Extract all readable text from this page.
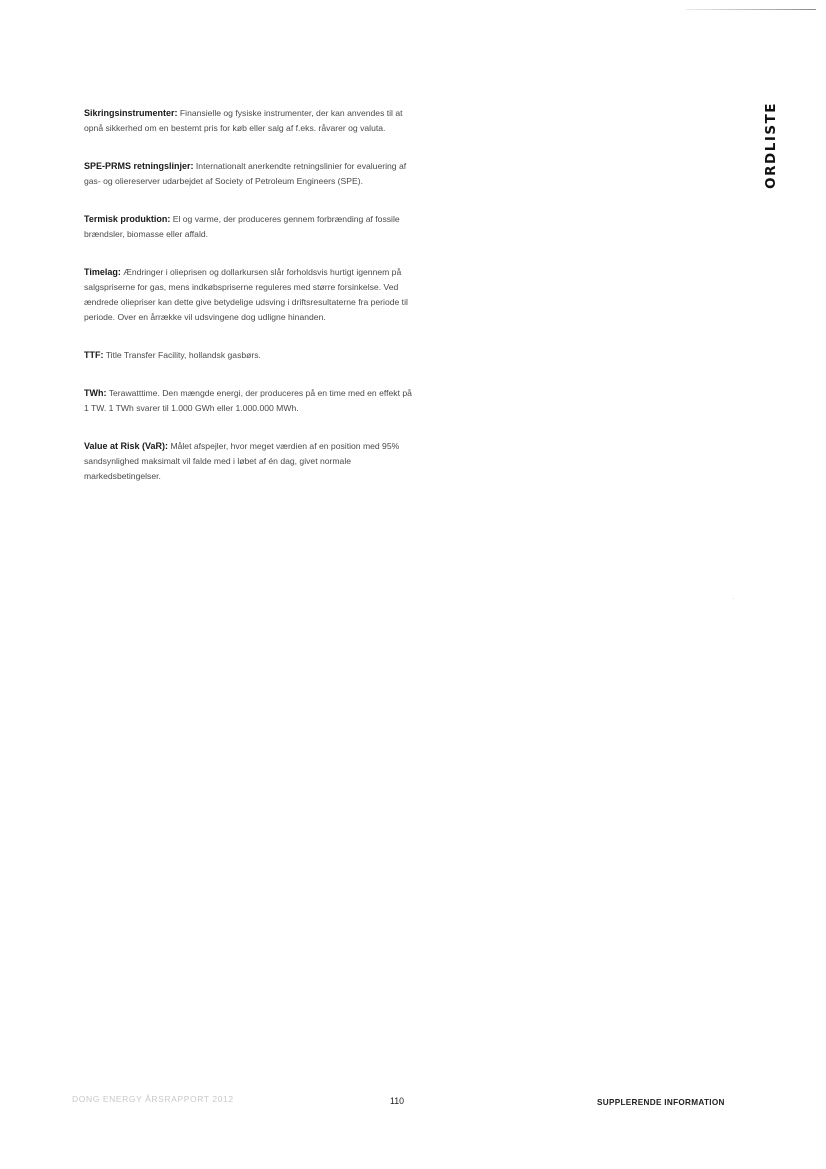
ORDLISTE

Sikringsinstrumenter: Finansielle og fysiske instrumenter, der kan anvendes til at opnå sikkerhed om en bestemt pris for køb eller salg af f.eks. råvarer og valuta.

SPE-PRMS retningslinjer: Internationalt anerkendte retningslinier for evaluering af gas- og oliereserver udarbejdet af Society of Petroleum Engineers (SPE).

Termisk produktion: El og varme, der produceres gennem forbrænding af fossile brændsler, biomasse eller affald.

Timelag: Ændringer i olieprisen og dollarkursen slår forholdsvis hurtigt igennem på salgspriserne for gas, mens indkøbspriserne reguleres med større forsinkelse. Ved ændrede oliepriser kan dette give betydelige udsving i driftsresultaterne fra periode til periode. Over en årrække vil udsvingene dog udligne hinanden.

TTF: Title Transfer Facility, hollandsk gasbørs.

TWh: Terawatttime. Den mængde energi, der produceres på en time med en effekt på 1 TW. 1 TWh svarer til 1.000 GWh eller 1.000.000 MWh.

Value at Risk (VaR): Målet afspejler, hvor meget værdien af en position med 95% sandsynlighed maksimalt vil falde med i løbet af én dag, givet normale markedsbetingelser.

DONG ENERGY ÅRSRAPPORT 2012	110	SUPPLERENDE INFORMATION
